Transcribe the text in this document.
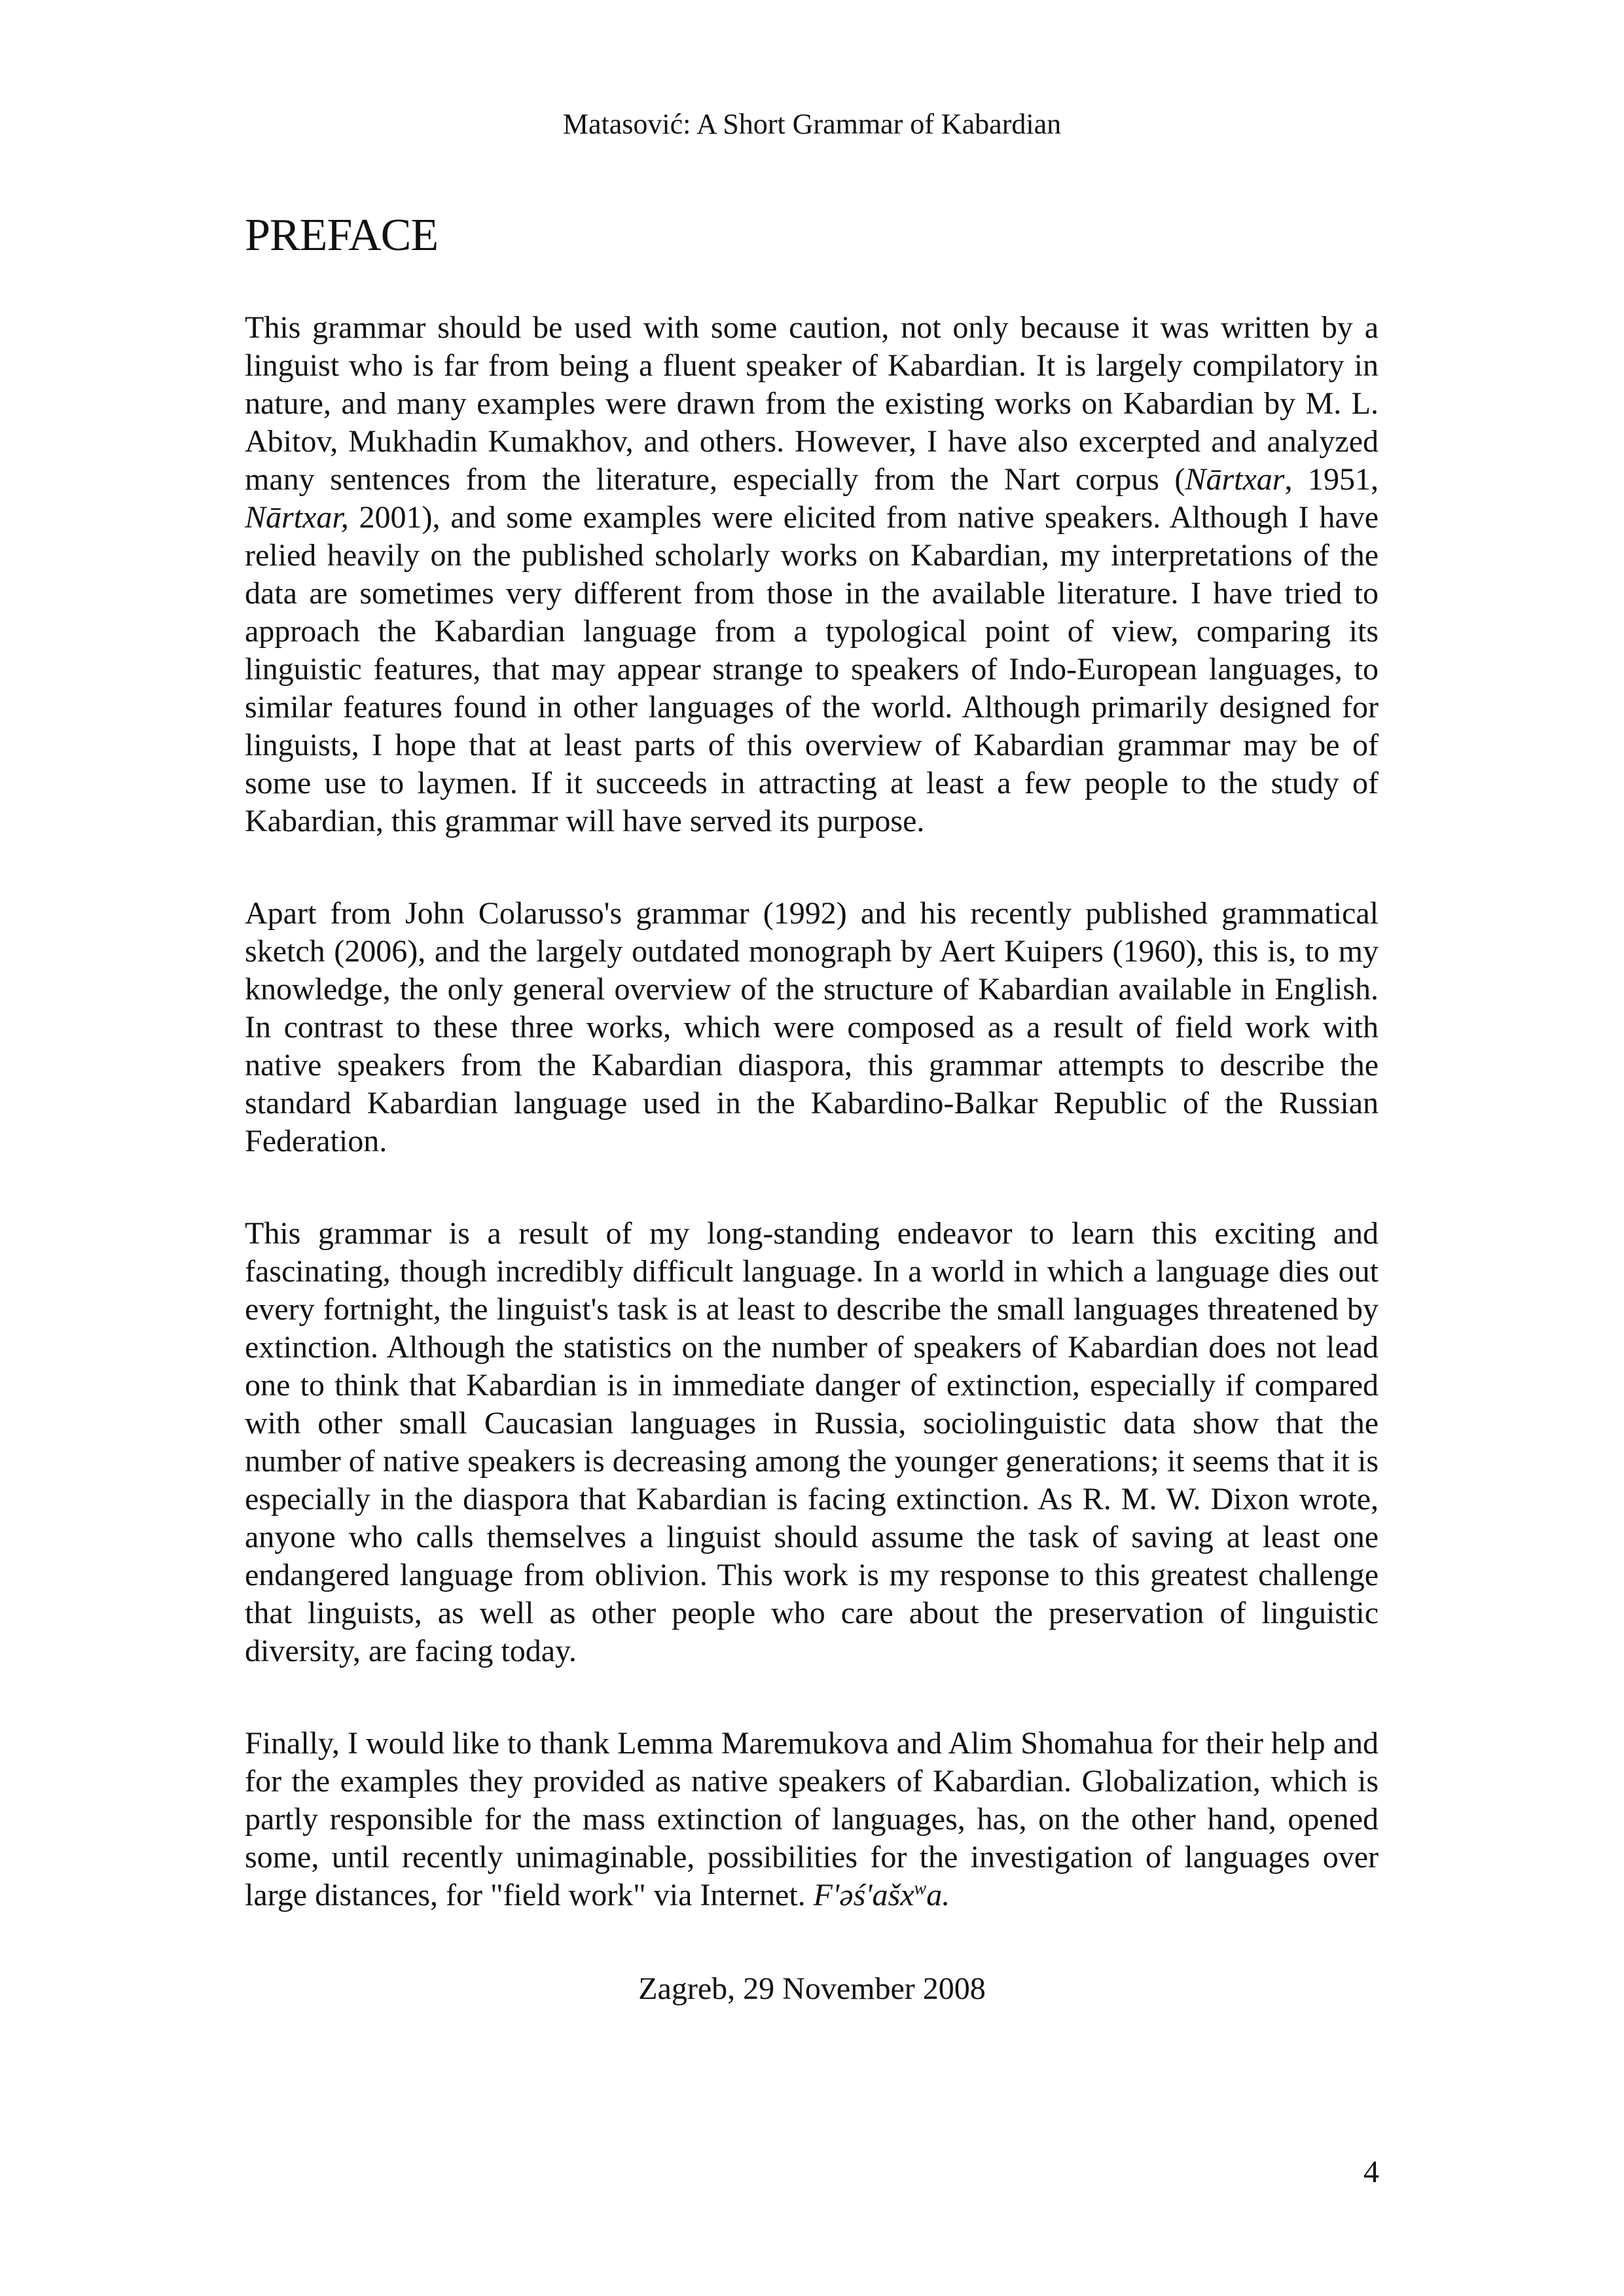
Matasović: A Short Grammar of Kabardian
PREFACE

This grammar should be used with some caution, not only because it was written by a linguist who is far from being a fluent speaker of Kabardian. It is largely compilatory in nature, and many examples were drawn from the existing works on Kabardian by M. L. Abitov, Mukhadin Kumakhov, and others. However, I have also excerpted and analyzed many sentences from the literature, especially from the Nart corpus (Nārtxar, 1951, Nārtxar, 2001), and some examples were elicited from native speakers. Although I have relied heavily on the published scholarly works on Kabardian, my interpretations of the data are sometimes very different from those in the available literature. I have tried to approach the Kabardian language from a typological point of view, comparing its linguistic features, that may appear strange to speakers of Indo-European languages, to similar features found in other languages of the world. Although primarily designed for linguists, I hope that at least parts of this overview of Kabardian grammar may be of some use to laymen. If it succeeds in attracting at least a few people to the study of Kabardian, this grammar will have served its purpose.

Apart from John Colarusso's grammar (1992) and his recently published grammatical sketch (2006), and the largely outdated monograph by Aert Kuipers (1960), this is, to my knowledge, the only general overview of the structure of Kabardian available in English. In contrast to these three works, which were composed as a result of field work with native speakers from the Kabardian diaspora, this grammar attempts to describe the standard Kabardian language used in the Kabardino-Balkar Republic of the Russian Federation.

This grammar is a result of my long-standing endeavor to learn this exciting and fascinating, though incredibly difficult language. In a world in which a language dies out every fortnight, the linguist's task is at least to describe the small languages threatened by extinction. Although the statistics on the number of speakers of Kabardian does not lead one to think that Kabardian is in immediate danger of extinction, especially if compared with other small Caucasian languages in Russia, sociolinguistic data show that the number of native speakers is decreasing among the younger generations; it seems that it is especially in the diaspora that Kabardian is facing extinction. As R. M. W. Dixon wrote, anyone who calls themselves a linguist should assume the task of saving at least one endangered language from oblivion. This work is my response to this greatest challenge that linguists, as well as other people who care about the preservation of linguistic diversity, are facing today.

Finally, I would like to thank Lemma Maremukova and Alim Shomahua for their help and for the examples they provided as native speakers of Kabardian. Globalization, which is partly responsible for the mass extinction of languages, has, on the other hand, opened some, until recently unimaginable, possibilities for the investigation of languages over large distances, for "field work" via Internet. F'əś'ašx$^w$a.

Zagreb, 29 November 2008
4
